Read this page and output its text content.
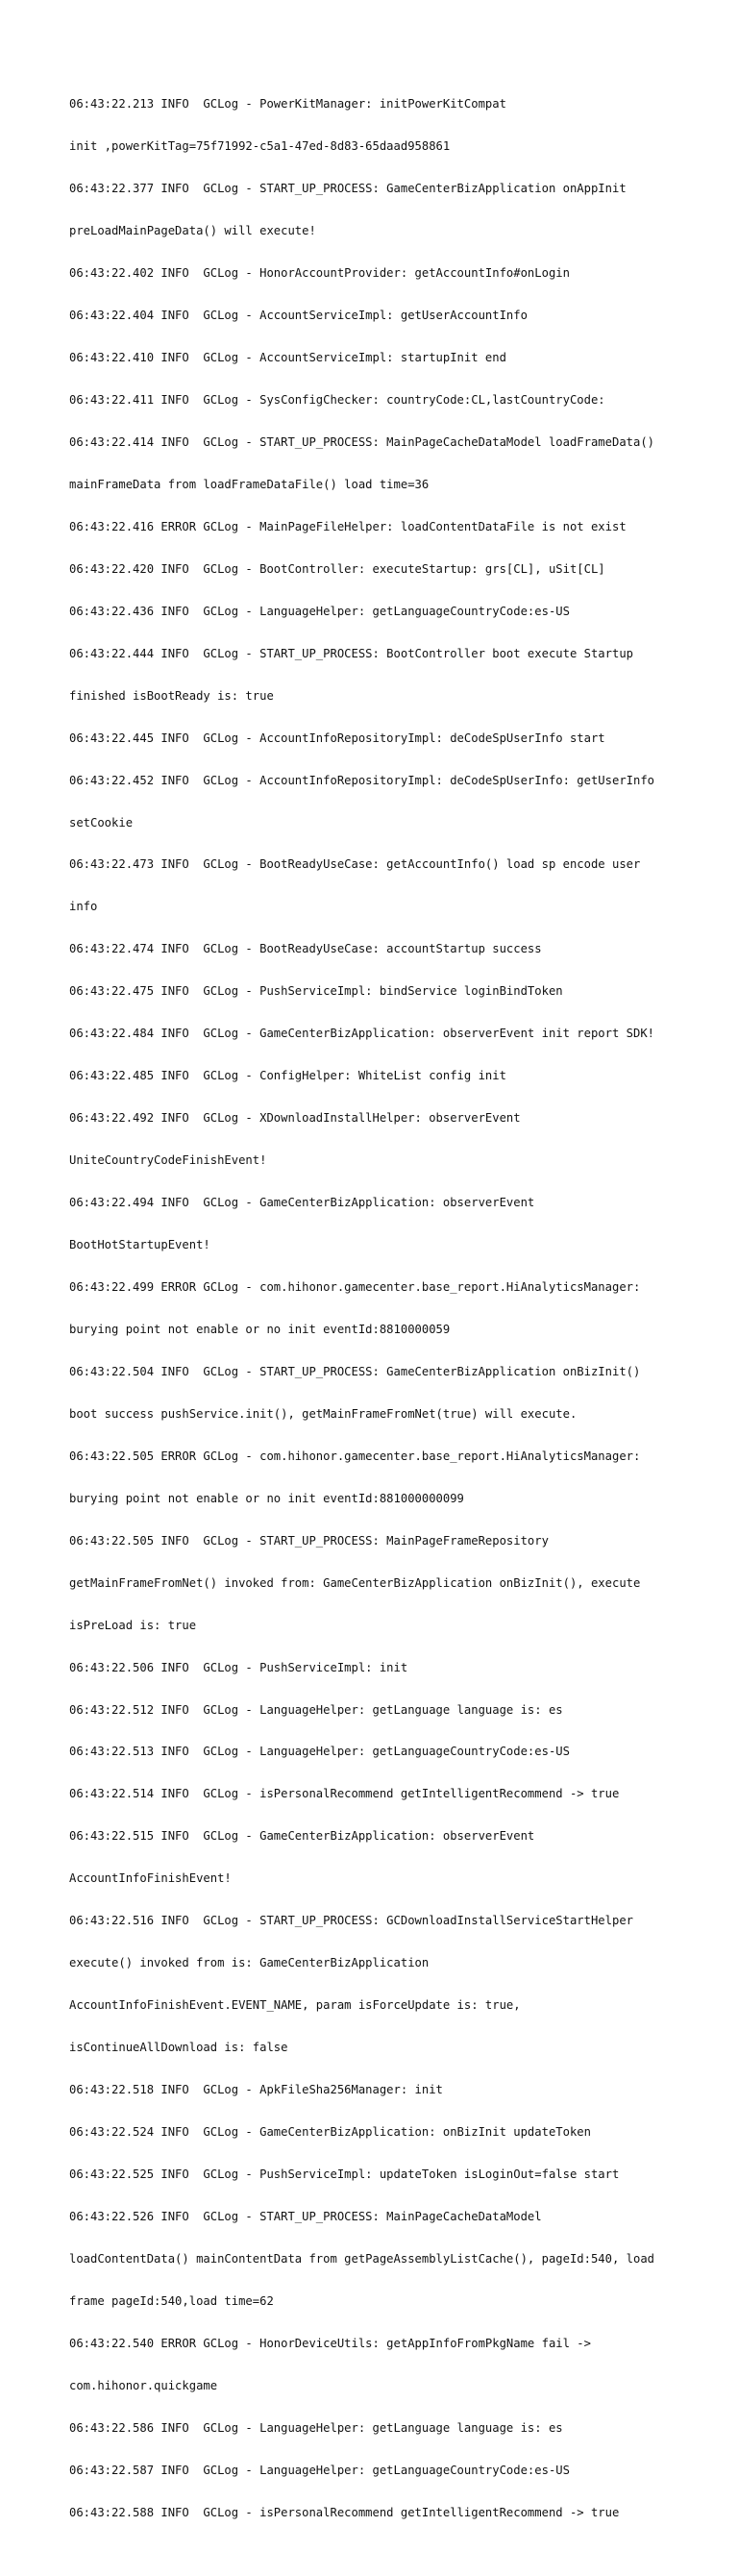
06:43:22.213 INFO  GCLog - PowerKitManager: initPowerKitCompat

init ,powerKitTag=75f71992-c5a1-47ed-8d83-65daad958861

06:43:22.377 INFO  GCLog - START_UP_PROCESS: GameCenterBizApplication onAppInit

preLoadMainPageData() will execute!

06:43:22.402 INFO  GCLog - HonorAccountProvider: getAccountInfo#onLogin

06:43:22.404 INFO  GCLog - AccountServiceImpl: getUserAccountInfo

06:43:22.410 INFO  GCLog - AccountServiceImpl: startupInit end

06:43:22.411 INFO  GCLog - SysConfigChecker: countryCode:CL,lastCountryCode:

06:43:22.414 INFO  GCLog - START_UP_PROCESS: MainPageCacheDataModel loadFrameData()

mainFrameData from loadFrameDataFile() load time=36

06:43:22.416 ERROR GCLog - MainPageFileHelper: loadContentDataFile is not exist

06:43:22.420 INFO  GCLog - BootController: executeStartup: grs[CL], uSit[CL]

06:43:22.436 INFO  GCLog - LanguageHelper: getLanguageCountryCode:es-US

06:43:22.444 INFO  GCLog - START_UP_PROCESS: BootController boot execute Startup

finished isBootReady is: true

06:43:22.445 INFO  GCLog - AccountInfoRepositoryImpl: deCodeSpUserInfo start

06:43:22.452 INFO  GCLog - AccountInfoRepositoryImpl: deCodeSpUserInfo: getUserInfo

setCookie

06:43:22.473 INFO  GCLog - BootReadyUseCase: getAccountInfo() load sp encode user

info

06:43:22.474 INFO  GCLog - BootReadyUseCase: accountStartup success

06:43:22.475 INFO  GCLog - PushServiceImpl: bindService loginBindToken

06:43:22.484 INFO  GCLog - GameCenterBizApplication: observerEvent init report SDK!

06:43:22.485 INFO  GCLog - ConfigHelper: WhiteList config init

06:43:22.492 INFO  GCLog - XDownloadInstallHelper: observerEvent

UniteCountryCodeFinishEvent!

06:43:22.494 INFO  GCLog - GameCenterBizApplication: observerEvent

BootHotStartupEvent!

06:43:22.499 ERROR GCLog - com.hihonor.gamecenter.base_report.HiAnalyticsManager:

burying point not enable or no init eventId:8810000059

06:43:22.504 INFO  GCLog - START_UP_PROCESS: GameCenterBizApplication onBizInit()

boot success pushService.init(), getMainFrameFromNet(true) will execute.

06:43:22.505 ERROR GCLog - com.hihonor.gamecenter.base_report.HiAnalyticsManager:

burying point not enable or no init eventId:881000000099

06:43:22.505 INFO  GCLog - START_UP_PROCESS: MainPageFrameRepository

getMainFrameFromNet() invoked from: GameCenterBizApplication onBizInit(), execute

isPreLoad is: true

06:43:22.506 INFO  GCLog - PushServiceImpl: init

06:43:22.512 INFO  GCLog - LanguageHelper: getLanguage language is: es

06:43:22.513 INFO  GCLog - LanguageHelper: getLanguageCountryCode:es-US

06:43:22.514 INFO  GCLog - isPersonalRecommend getIntelligentRecommend -> true

06:43:22.515 INFO  GCLog - GameCenterBizApplication: observerEvent

AccountInfoFinishEvent!

06:43:22.516 INFO  GCLog - START_UP_PROCESS: GCDownloadInstallServiceStartHelper

execute() invoked from is: GameCenterBizApplication

AccountInfoFinishEvent.EVENT_NAME, param isForceUpdate is: true,

isContinueAllDownload is: false

06:43:22.518 INFO  GCLog - ApkFileSha256Manager: init

06:43:22.524 INFO  GCLog - GameCenterBizApplication: onBizInit updateToken

06:43:22.525 INFO  GCLog - PushServiceImpl: updateToken isLoginOut=false start

06:43:22.526 INFO  GCLog - START_UP_PROCESS: MainPageCacheDataModel

loadContentData() mainContentData from getPageAssemblyListCache(), pageId:540, load

frame pageId:540,load time=62

06:43:22.540 ERROR GCLog - HonorDeviceUtils: getAppInfoFromPkgName fail ->

com.hihonor.quickgame

06:43:22.586 INFO  GCLog - LanguageHelper: getLanguage language is: es

06:43:22.587 INFO  GCLog - LanguageHelper: getLanguageCountryCode:es-US

06:43:22.588 INFO  GCLog - isPersonalRecommend getIntelligentRecommend -> true
